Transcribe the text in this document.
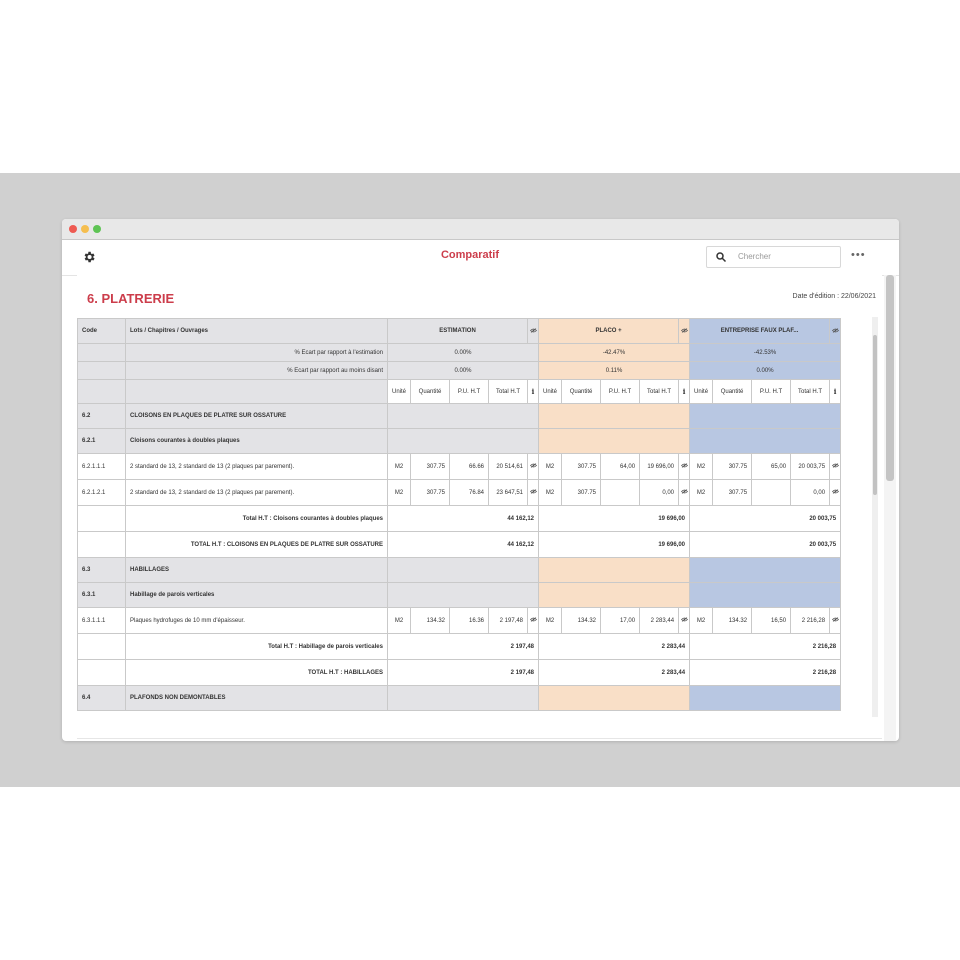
Comparatif	Chercher	•••
6. PLATRERIE	Date d'édition : 22/06/2021
Code	Lots / Chapitres / Ouvrages	ESTIMATION					PLACO +					ENTREPRISE FAUX PLAF...	
	% Ecart par rapport à l'estimation	0.00%					-42.47%					-42.53%				
	% Ecart par rapport au moins disant	0.00%					0.11%					0.00%				
		Unité	Quantité	P.U. H.T	Total H.T	i	Unité	Quantité	P.U. H.T	Total H.T	i	Unité	Quantité	P.U. H.T	Total H.T	i
6.2	CLOISONS EN PLAQUES DE PLATRE SUR OSSATURE															
6.2.1	Cloisons courantes à doubles plaques															
6.2.1.1.1	2 standard de 13, 2 standard de 13 (2 plaques par parement).	M2	307.75	66.66	20 514,61		M2	307.75	64,00	19 696,00		M2	307.75	65,00	20 003,75	
6.2.1.2.1	2 standard de 13, 2 standard de 13 (2 plaques par parement).	M2	307.75	76.84	23 647,51		M2	307.75		0,00		M2	307.75		0,00	
	Total H.T : Cloisons courantes à doubles plaques	44 162,12					19 696,00					20 003,75				
	TOTAL H.T : CLOISONS EN PLAQUES DE PLATRE SUR OSSATURE	44 162,12					19 696,00					20 003,75				
6.3	HABILLAGES															
6.3.1	Habillage de parois verticales															
6.3.1.1.1	Plaques hydrofuges de 10 mm d'épaisseur.	M2	134.32	16.36	2 197,48		M2	134.32	17,00	2 283,44		M2	134.32	16,50	2 216,28	
	Total H.T : Habillage de parois verticales	2 197,48					2 283,44					2 216,28				
	TOTAL H.T : HABILLAGES	2 197,48					2 283,44					2 216,28				
6.4	PLAFONDS NON DEMONTABLES															
